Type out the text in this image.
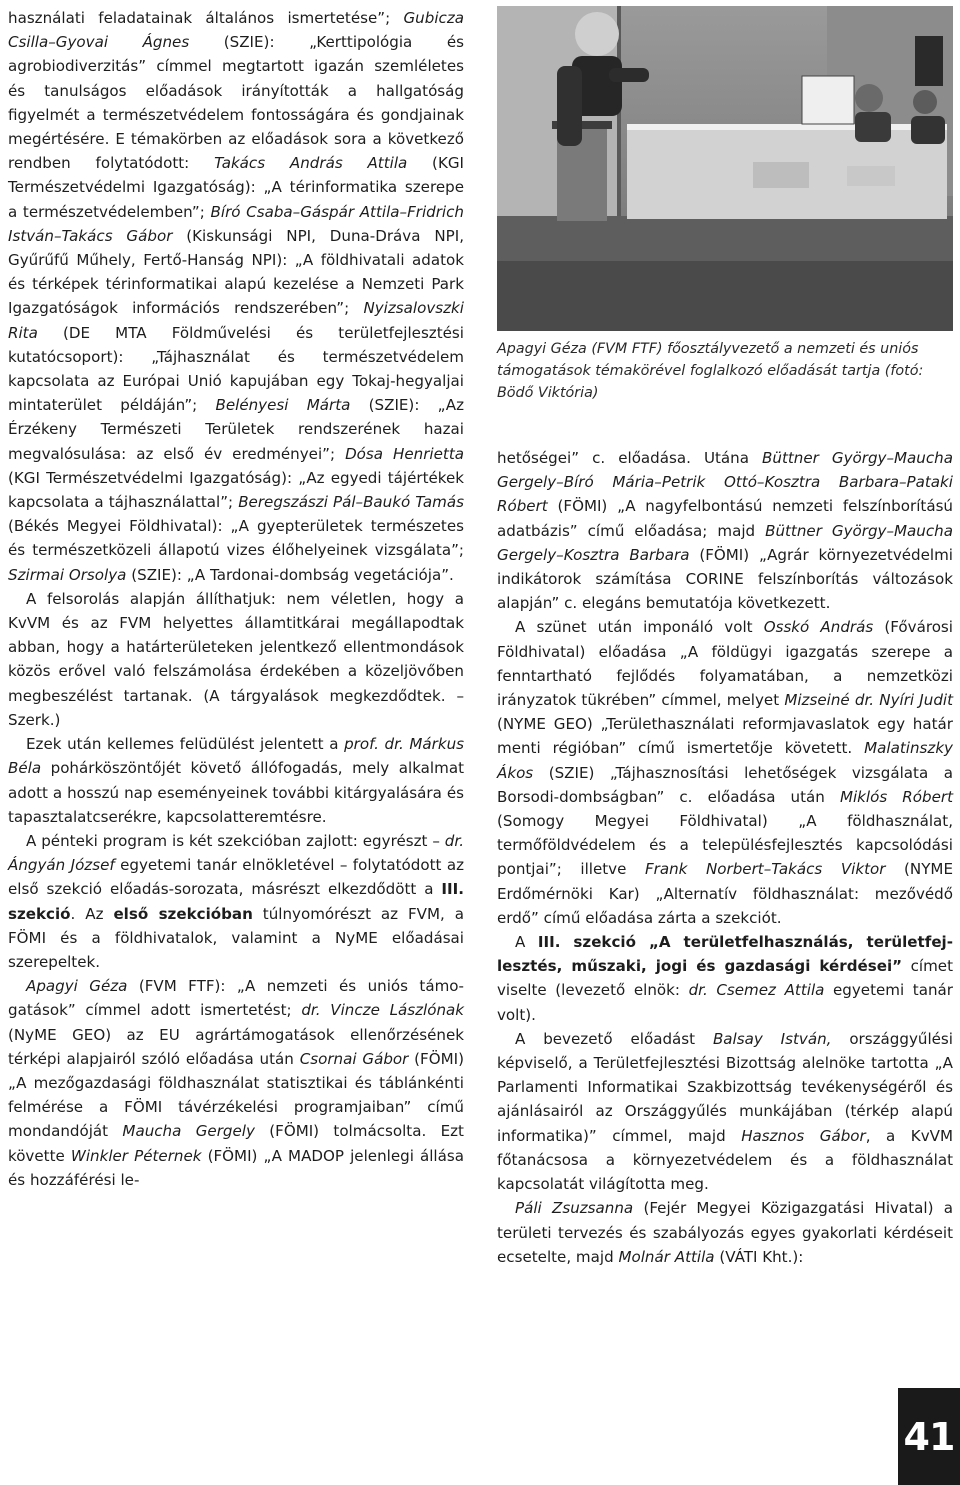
használati feladatainak általános ismertetése”; Gubicza Csilla–Gyovai Ágnes (SZIE): „Kerttipológia és agrobiodiverzitás” címmel megtartott igazán szemléletes és tanulságos előadások irányították a hallgatóság figyelmét a természetvédelem fontosságára és gondjainak megértésére. E témakörben az előadások sora a következő rendben folytatódott: Takács András Attila (KGI Természetvédelmi Igazgatóság): „A térinformatika szerepe a természetvédelemben”; Bíró Csaba–Gáspár Attila–Fridrich István–Takács Gábor (Kiskunsági NPI, Duna-Dráva NPI, Gyűrűfű Műhely, Fertő-Hanság NPI): „A földhivatali adatok és térképek térinformatikai alapú kezelése a Nemzeti Park Igazgatóságok információs rendszerében”; Nyizsalovszki Rita (DE MTA Földművelési és területfejlesztési kutatócsoport): „Tájhasználat és természetvédelem kapcsolata az Európai Unió kapujában egy Tokaj-hegyaljai mintaterület példáján”; Belényesi Márta (SZIE): „Az Érzékeny Természeti Területek rendszerének hazai megvalósulása: az első év eredményei”; Dósa Henrietta (KGI Természetvédelmi Igazgatóság): „Az egyedi tájértékek kapcsolata a tájhasználattal”; Beregszászi Pál–Baukó Tamás (Békés Megyei Földhivatal): „A gyepterületek természetes és természetközeli állapotú vizes élőhelyeinek vizsgálata”; Szirmai Orsolya (SZIE): „A Tardonai-dombság vegetációja”.

A felsorolás alapján állíthatjuk: nem véletlen, hogy a KvVM és az FVM helyettes államtitkárai megállapodtak abban, hogy a határterületeken jelentkező ellentmondások közös erővel való felszámolása érdekében a közeljövőben megbeszélést tartanak. (A tárgyalások megkezdődtek. – Szerk.)

Ezek után kellemes felüdülést jelentett a prof. dr. Márkus Béla pohárköszöntőjét követő állófogadás, mely alkalmat adott a hosszú nap eseményeinek további kitárgyalására és tapasztalatcserékre, kapcsolatteremtésre.

A pénteki program is két szekcióban zajlott: egyrészt – dr. Ángyán József egyetemi tanár elnökletével – folytatódott az első szekció előadás-sorozata, másrészt elkezdődött a III. szekció. Az első szekcióban túlnyomórészt az FVM, a FÖMI és a földhivatalok, valamint a NyME előadásai szerepeltek.

Apagyi Géza (FVM FTF): „A nemzeti és uniós támogatások” címmel adott ismertetést; dr. Vincze Lászlónak (NyME GEO) az EU agrártámogatások ellenőrzésének térképi alapjairól szóló előadása után Csornai Gábor (FÖMI) „A mezőgazdasági földhasználat statisztikai és táblánkénti felmérése a FÖMI távérzékelési programjaiban” című mondandóját Maucha Gergely (FÖMI) tolmácsolta. Ezt követte Winkler Péternek (FÖMI) „A MADOP jelenlegi állása és hozzáférési le-

Apagyi Géza (FVM FTF) főosztályvezető a nemzeti és uniós támogatások témakörével foglalkozó előadását tartja (fotó: Bödő Viktória)

hetőségei” c. előadása. Utána Büttner György–Maucha Gergely–Bíró Mária–Petrik Ottó–Kosztra Barbara–Pataki Róbert (FÖMI) „A nagyfelbontású nemzeti felszínborítású adatbázis” című előadása; majd Büttner György–Maucha Gergely–Kosztra Barbara (FÖMI) „Agrár környezetvédelmi indikátorok számítása CORINE felszínborítás változások alapján” c. elegáns bemutatója következett.

A szünet után imponáló volt Osskó András (Fővárosi Földhivatal) előadása „A földügyi igazgatás szerepe a fenntartható fejlődés folyamatában, a nemzetközi irányzatok tükrében” címmel, melyet Mizseiné dr. Nyíri Judit (NYME GEO) „Területhasználati reformjavaslatok egy határ menti régióban” című ismertetője követett. Malatinszky Ákos (SZIE) „Tájhasznosítási lehetőségek vizsgálata a Borsodi-dombságban” c. előadása után Miklós Róbert (Somogy Megyei Földhivatal) „A földhasználat, termőföldvédelem és a településfejlesztés kapcsolódási pontjai”; illetve Frank Norbert–Takács Viktor (NYME Erdőmérnöki Kar) „Alternatív földhasználat: mezővédő erdő” című előadása zárta a szekciót.

A III. szekció „A területfelhasználás, területfejlesztés, műszaki, jogi és gazdasági kérdései” címet viselte (levezető elnök: dr. Csemez Attila egyetemi tanár volt).

A bevezető előadást Balsay István, országgyűlési képviselő, a Területfejlesztési Bizottság alelnöke tartotta „A Parlamenti Informatikai Szakbizottság tevékenységéről és ajánlásairól az Országgyűlés munkájában (térkép alapú informatika)” címmel, majd Hasznos Gábor, a KvVM főtanácsosa a környezetvédelem és a földhasználat kapcsolatát világította meg.

Páli Zsuzsanna (Fejér Megyei Közigazgatási Hivatal) a területi tervezés és szabályozás egyes gyakorlati kérdéseit ecsetelte, majd Molnár Attila (VÁTI Kht.):

41
